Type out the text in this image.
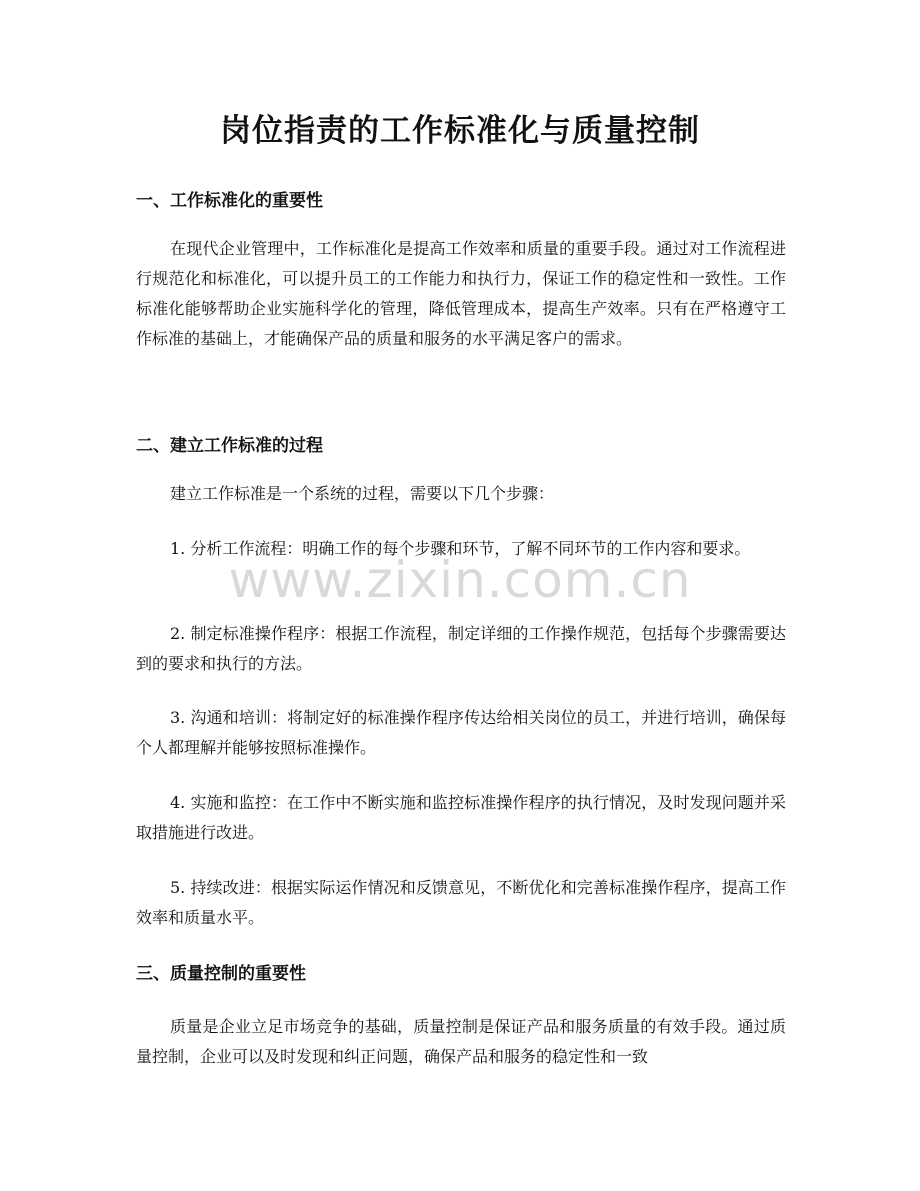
岗位指责的工作标准化与质量控制
一、工作标准化的重要性

在现代企业管理中，工作标准化是提高工作效率和质量的重要手段。通过对工作流程进行规范化和标准化，可以提升员工的工作能力和执行力，保证工作的稳定性和一致性。工作标准化能够帮助企业实施科学化的管理，降低管理成本，提高生产效率。只有在严格遵守工作标准的基础上，才能确保产品的质量和服务的水平满足客户的需求。

二、建立工作标准的过程

建立工作标准是一个系统的过程，需要以下几个步骤：

1. 分析工作流程：明确工作的每个步骤和环节，了解不同环节的工作内容和要求。

2. 制定标准操作程序：根据工作流程，制定详细的工作操作规范，包括每个步骤需要达到的要求和执行的方法。

3. 沟通和培训：将制定好的标准操作程序传达给相关岗位的员工，并进行培训，确保每个人都理解并能够按照标准操作。

4. 实施和监控：在工作中不断实施和监控标准操作程序的执行情况，及时发现问题并采取措施进行改进。

5. 持续改进：根据实际运作情况和反馈意见，不断优化和完善标准操作程序，提高工作效率和质量水平。

三、质量控制的重要性

质量是企业立足市场竞争的基础，质量控制是保证产品和服务质量的有效手段。通过质量控制，企业可以及时发现和纠正问题，确保产品和服务的稳定性和一致

www.zixin.com.cn
